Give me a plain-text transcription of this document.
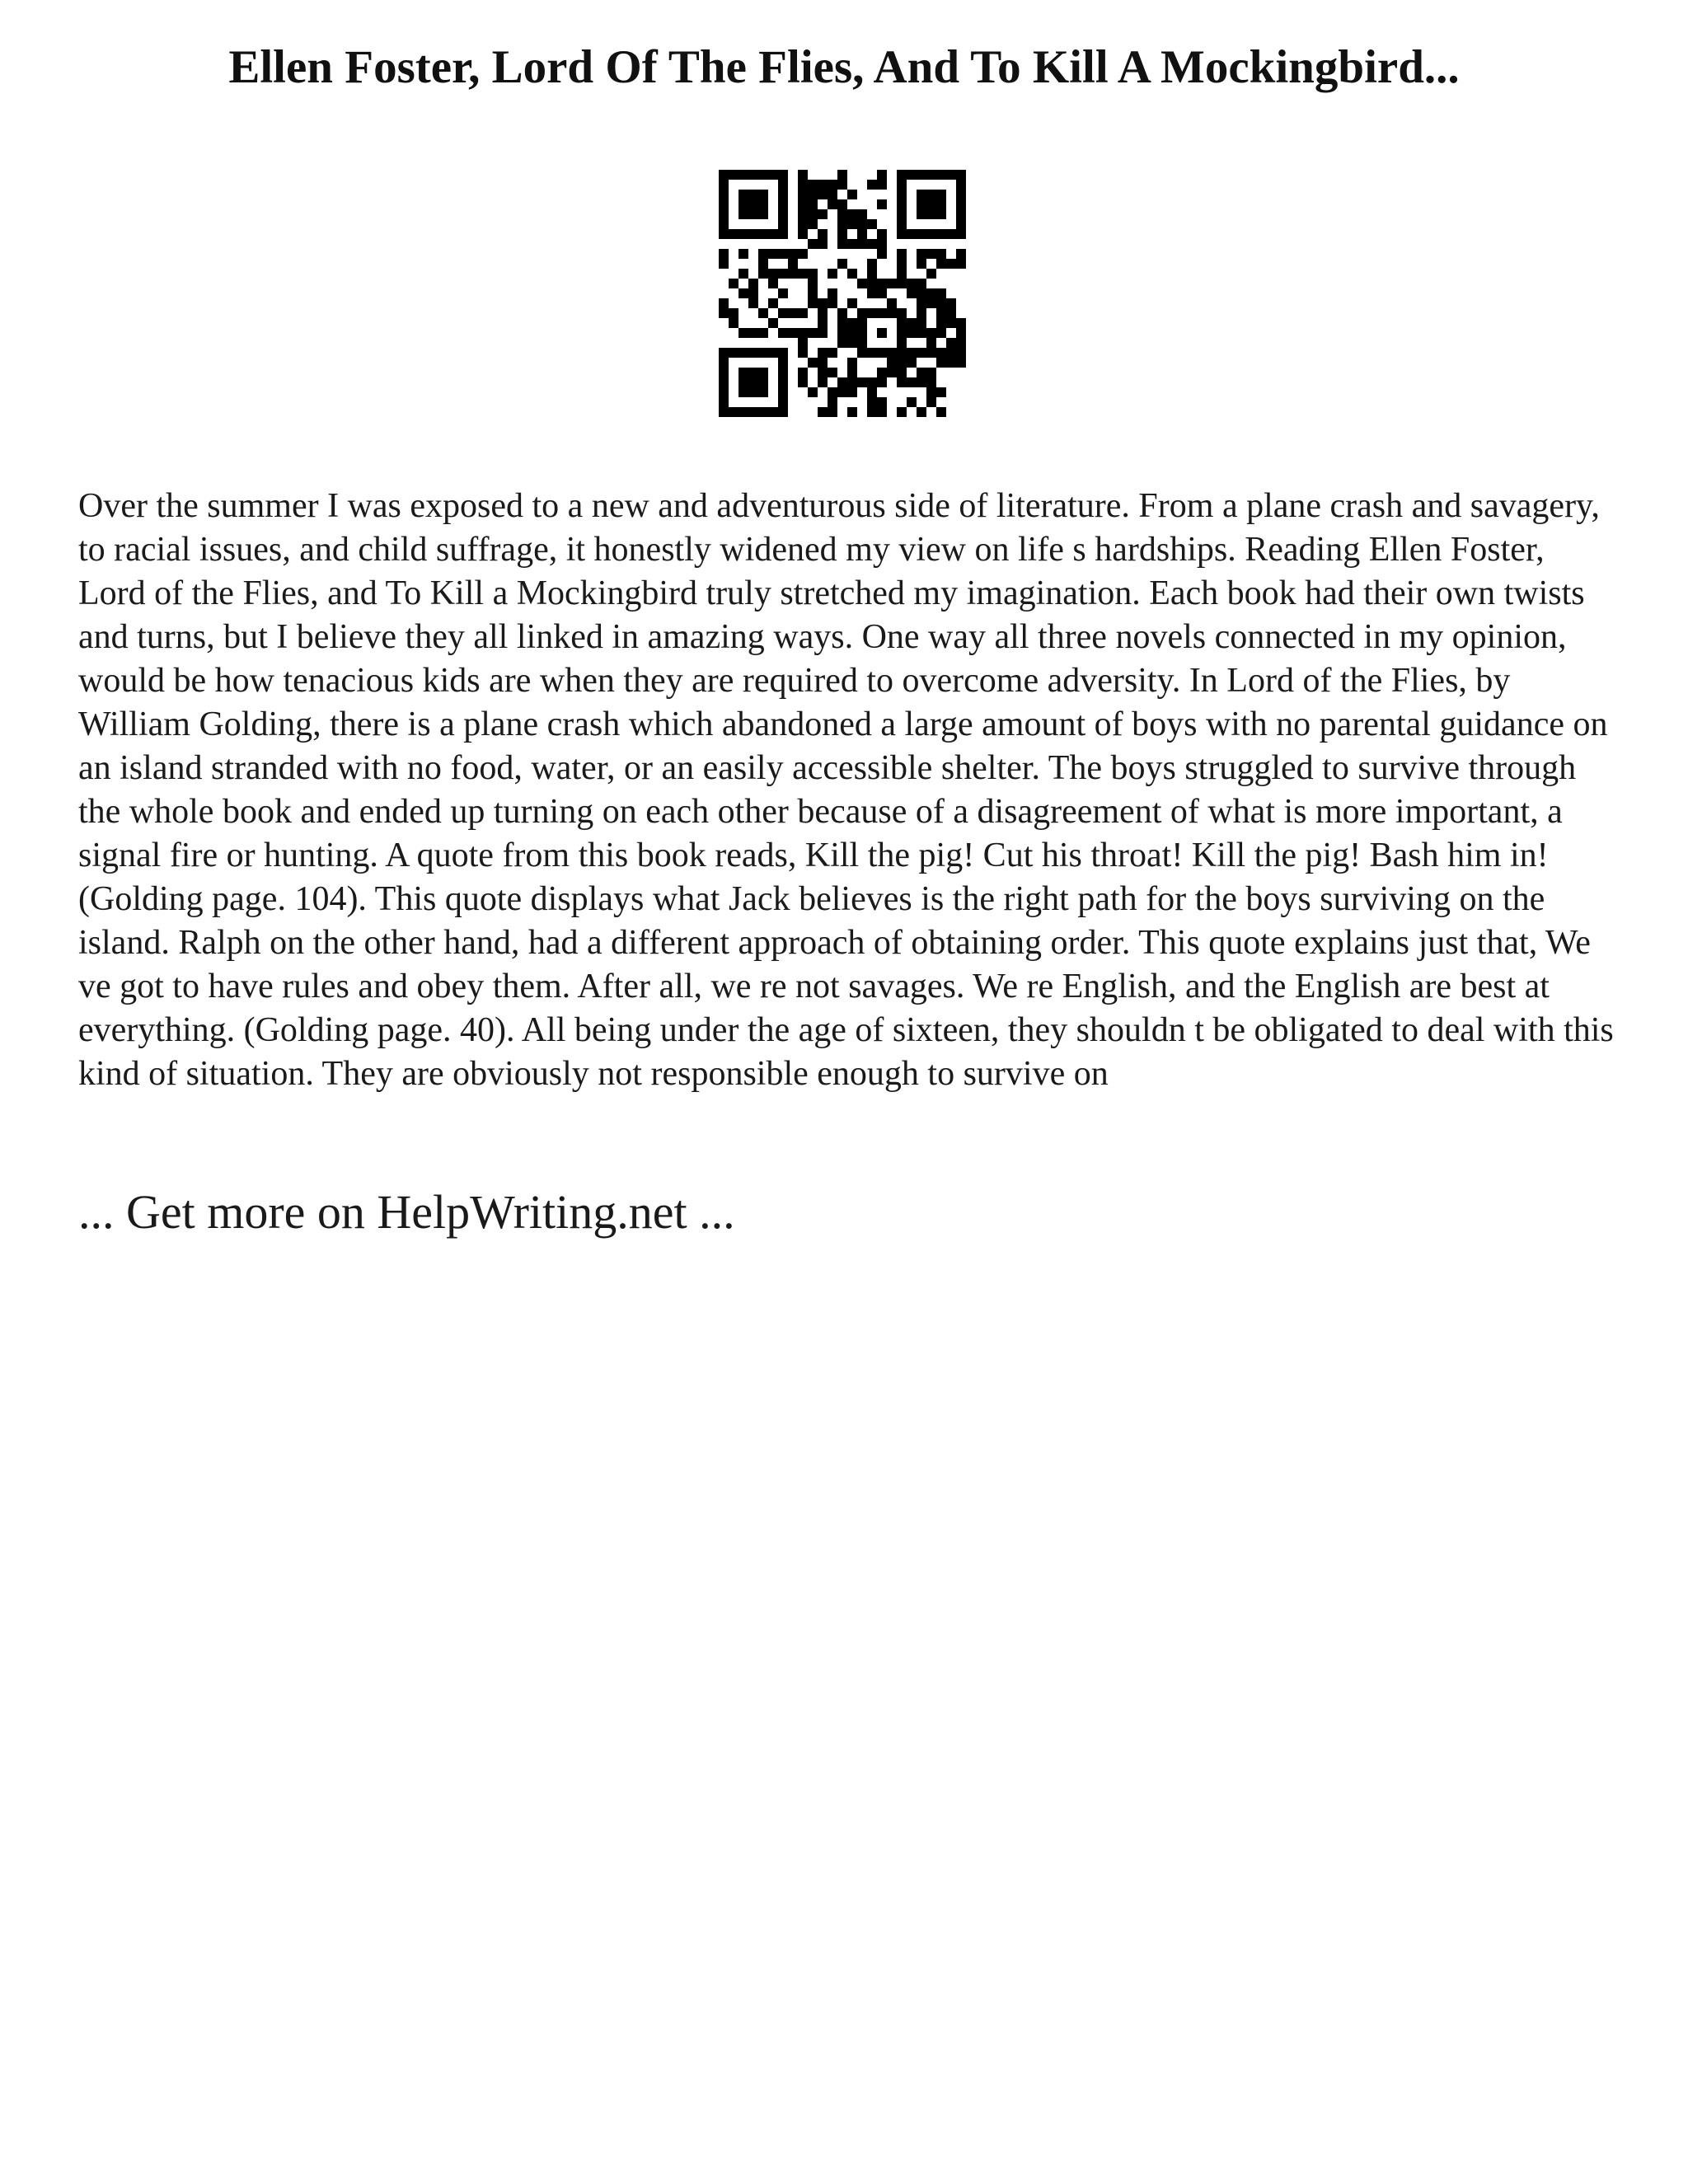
Ellen Foster, Lord Of The Flies, And To Kill A Mockingbird...

Over the summer I was exposed to a new and adventurous side of literature. From a plane crash and savagery, to racial issues, and child suffrage, it honestly widened my view on life s hardships. Reading Ellen Foster, Lord of the Flies, and To Kill a Mockingbird truly stretched my imagination. Each book had their own twists and turns, but I believe they all linked in amazing ways. One way all three novels connected in my opinion, would be how tenacious kids are when they are required to overcome adversity. In Lord of the Flies, by William Golding, there is a plane crash which abandoned a large amount of boys with no parental guidance on an island stranded with no food, water, or an easily accessible shelter. The boys struggled to survive through the whole book and ended up turning on each other because of a disagreement of what is more important, a signal fire or hunting. A quote from this book reads, Kill the pig! Cut his throat! Kill the pig! Bash him in! (Golding page. 104). This quote displays what Jack believes is the right path for the boys surviving on the island. Ralph on the other hand, had a different approach of obtaining order. This quote explains just that, We ve got to have rules and obey them. After all, we re not savages. We re English, and the English are best at everything. (Golding page. 40). All being under the age of sixteen, they shouldn t be obligated to deal with this kind of situation. They are obviously not responsible enough to survive on

... Get more on HelpWriting.net ...
